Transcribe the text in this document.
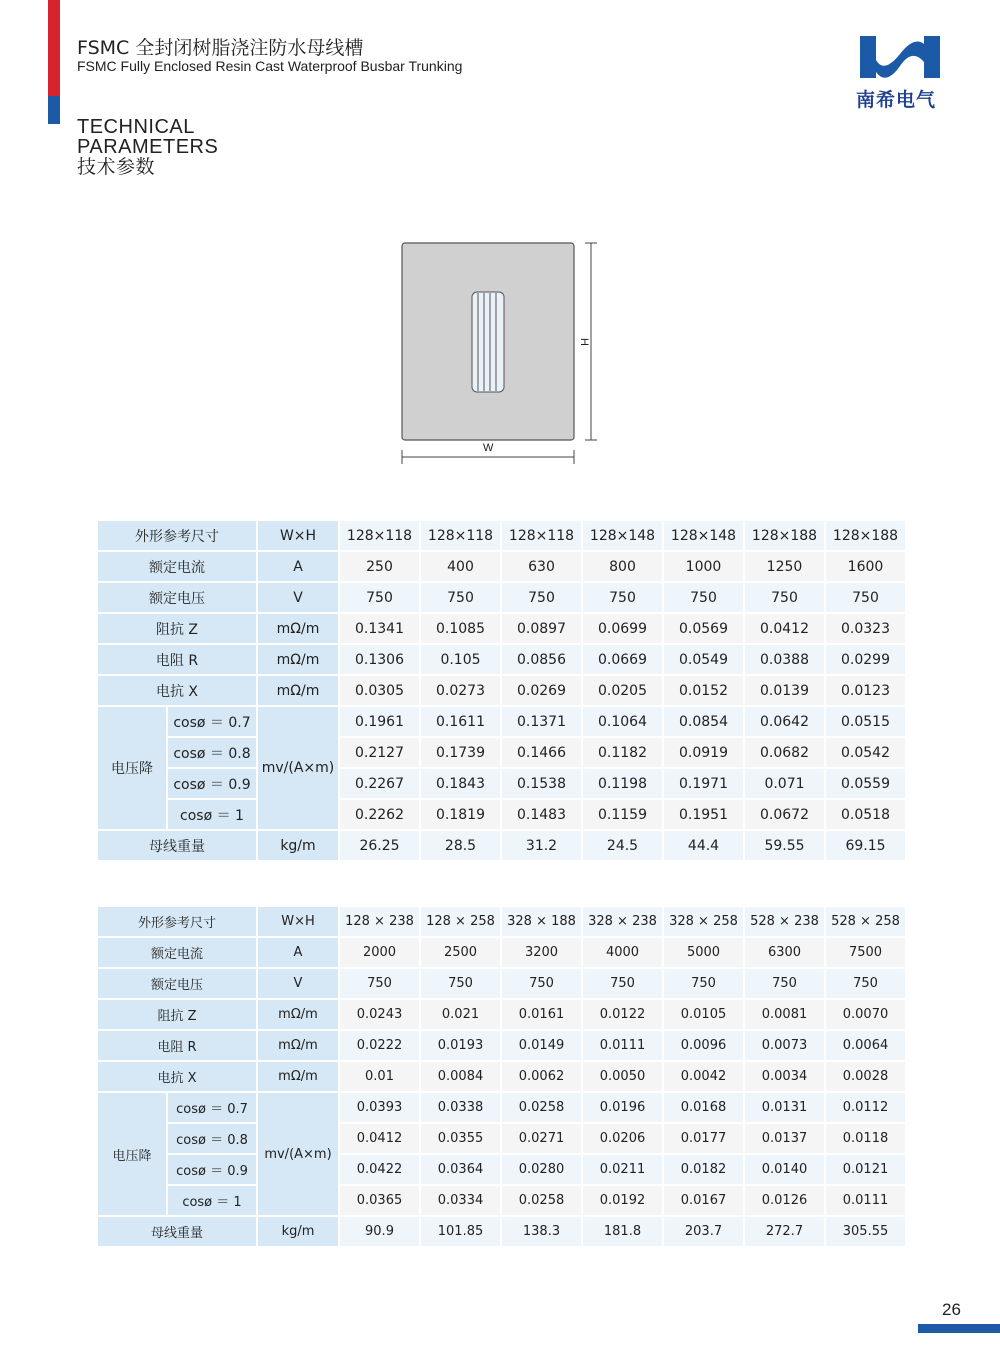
FSMC 全封闭树脂浇注防水母线槽
FSMC Fully Enclosed Resin Cast Waterproof Busbar Trunking
南希电气
TECHNICAL
PARAMETERS
技术参数
W
H
外形参考尺寸		W×H	128×118	128×118	128×118	128×148	128×148	128×188	128×188
额定电流		A	250	400	630	800	1000	1250	1600
额定电压		V	750	750	750	750	750	750	750
阻抗 Z		mΩ/m	0.1341	0.1085	0.0897	0.0699	0.0569	0.0412	0.0323
电阻 R		mΩ/m	0.1306	0.105	0.0856	0.0669	0.0549	0.0388	0.0299
电抗 X		mΩ/m	0.0305	0.0273	0.0269	0.0205	0.0152	0.0139	0.0123
电压降	cosø ＝ 0.7	mv/(A×m)	0.1961	0.1611	0.1371	0.1064	0.0854	0.0642	0.0515
	cosø ＝ 0.8		0.2127	0.1739	0.1466	0.1182	0.0919	0.0682	0.0542
	cosø ＝ 0.9		0.2267	0.1843	0.1538	0.1198	0.1971	0.071	0.0559
	cosø ＝ 1		0.2262	0.1819	0.1483	0.1159	0.1951	0.0672	0.0518
母线重量		kg/m	26.25	28.5	31.2	24.5	44.4	59.55	69.15
外形参考尺寸		W×H	128 × 238	128 × 258	328 × 188	328 × 238	328 × 258	528 × 238	528 × 258
额定电流		A	2000	2500	3200	4000	5000	6300	7500
额定电压		V	750	750	750	750	750	750	750
阻抗 Z		mΩ/m	0.0243	0.021	0.0161	0.0122	0.0105	0.0081	0.0070
电阻 R		mΩ/m	0.0222	0.0193	0.0149	0.0111	0.0096	0.0073	0.0064
电抗 X		mΩ/m	0.01	0.0084	0.0062	0.0050	0.0042	0.0034	0.0028
电压降	cosø ＝ 0.7	mv/(A×m)	0.0393	0.0338	0.0258	0.0196	0.0168	0.0131	0.0112
	cosø ＝ 0.8		0.0412	0.0355	0.0271	0.0206	0.0177	0.0137	0.0118
	cosø ＝ 0.9		0.0422	0.0364	0.0280	0.0211	0.0182	0.0140	0.0121
	cosø ＝ 1		0.0365	0.0334	0.0258	0.0192	0.0167	0.0126	0.0111
母线重量		kg/m	90.9	101.85	138.3	181.8	203.7	272.7	305.55
26
